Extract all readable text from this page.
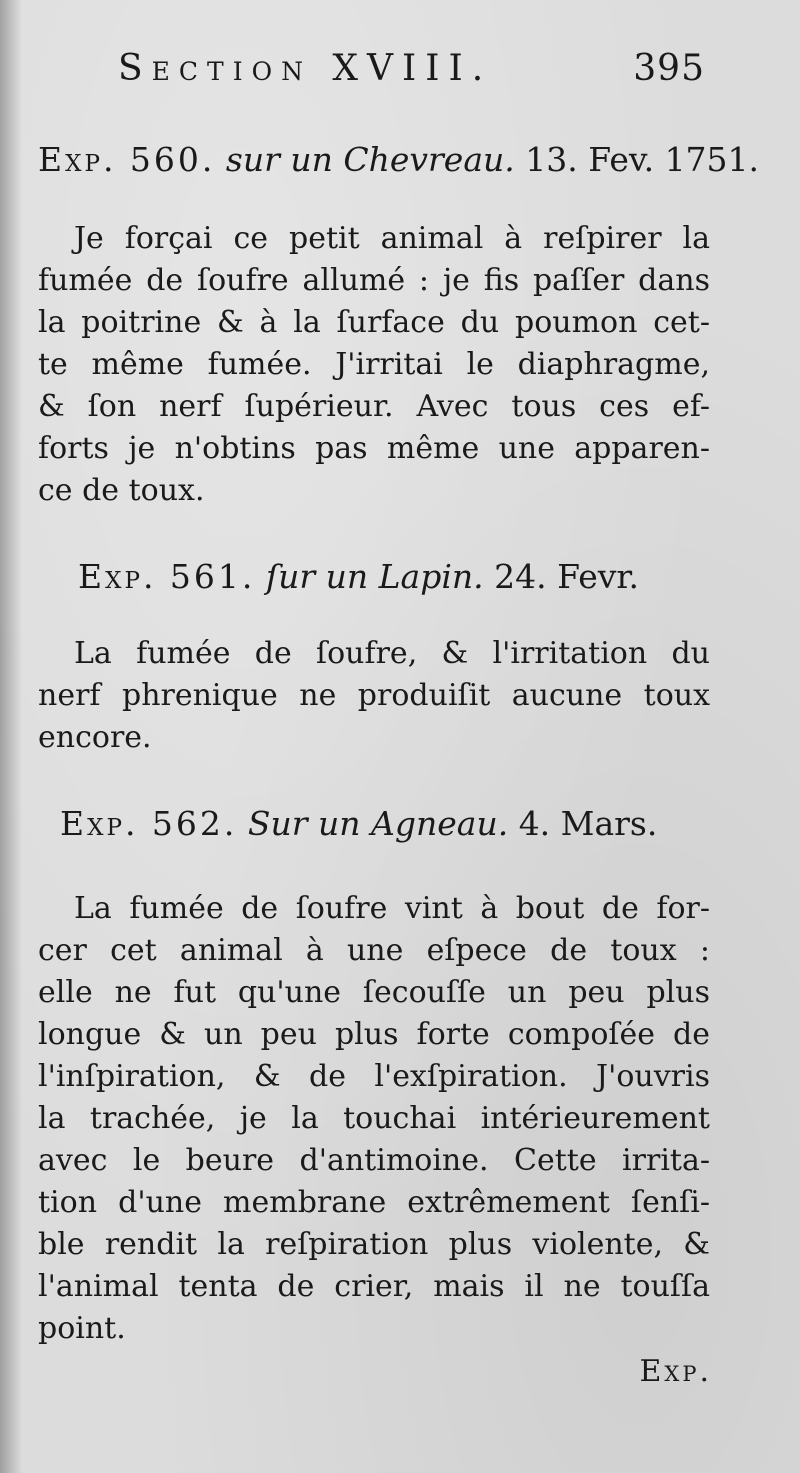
Section XVIII.	395
Exp. 560. sur un Chevreau. 13. Fev. 1751.
Je forçai ce petit animal à reſpirer la
fumée de ſoufre allumé : je fis paſſer dans
la poitrine & à la ſurface du poumon cet-
te même fumée. J'irritai le diaphragme,
& ſon nerf ſupérieur. Avec tous ces ef-
forts je n'obtins pas même une apparen-
ce de toux.
Exp. 561. ſur un Lapin. 24. Fevr.
La fumée de ſoufre, & l'irritation du
nerf phrenique ne produiſit aucune toux
encore.
Exp. 562. Sur un Agneau. 4. Mars.
La fumée de ſoufre vint à bout de for-
cer cet animal à une eſpece de toux :
elle ne fut qu'une ſecouſſe un peu plus
longue & un peu plus forte compoſée de
l'inſpiration, & de l'exſpiration. J'ouvris
la trachée, je la touchai intérieurement
avec le beure d'antimoine. Cette irrita-
tion d'une membrane extrêmement ſenſi-
ble rendit la reſpiration plus violente, &
l'animal tenta de crier, mais il ne touſſa
point.
Exp.
